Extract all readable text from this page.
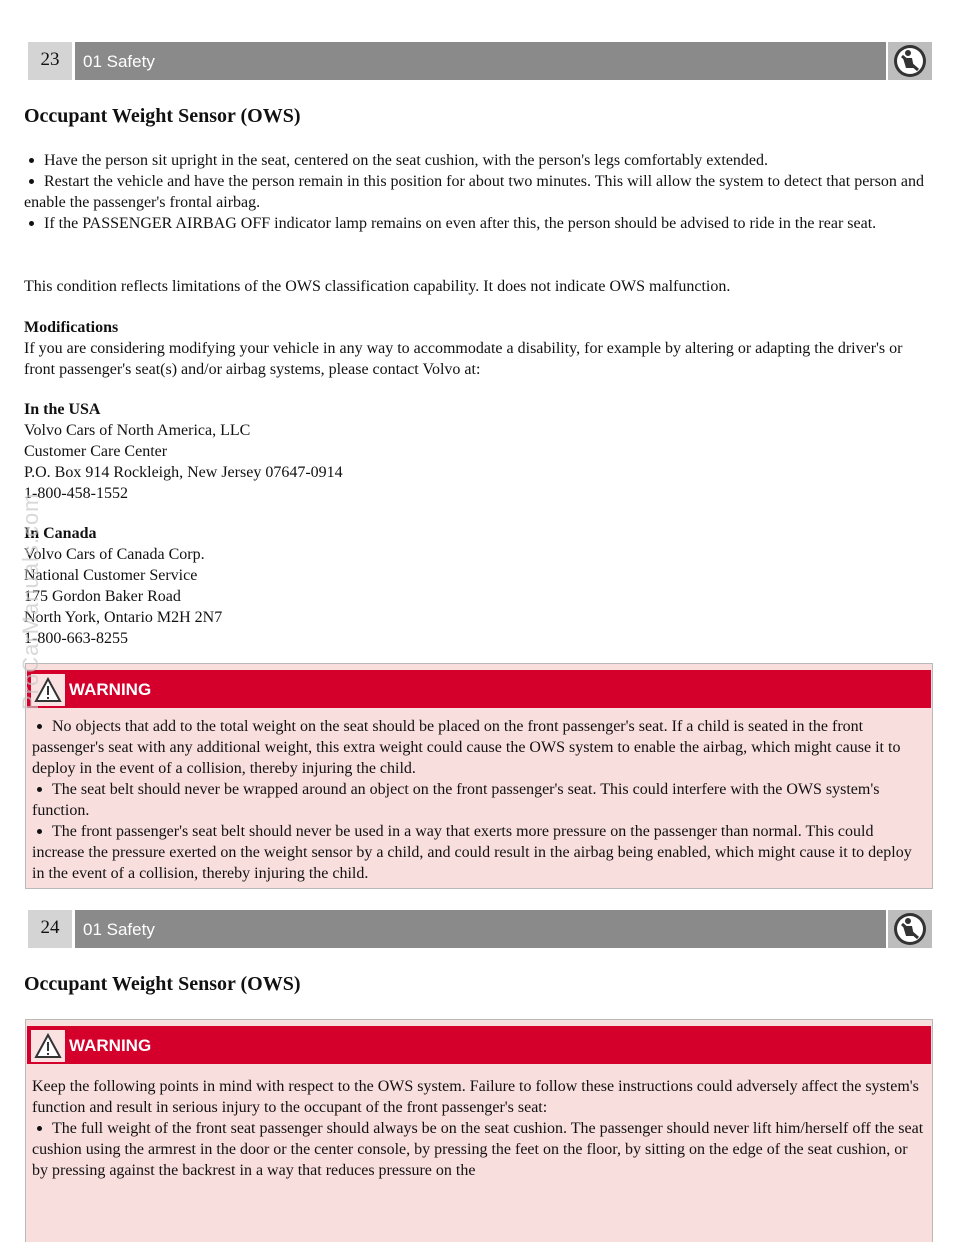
23	01 Safety
Occupant Weight Sensor (OWS)
Have the person sit upright in the seat, centered on the seat cushion, with the person's legs comfortably extended.
Restart the vehicle and have the person remain in this position for about two minutes. This will allow the system to detect that person and enable the passenger's frontal airbag.
If the PASSENGER AIRBAG OFF indicator lamp remains on even after this, the person should be advised to ride in the rear seat.

This condition reflects limitations of the OWS classification capability. It does not indicate OWS malfunction.

Modifications

If you are considering modifying your vehicle in any way to accommodate a disability, for example by altering or adapting the driver's or front passenger's seat(s) and/or airbag systems, please contact Volvo at:

In the USA

Volvo Cars of North America, LLC

Customer Care Center

P.O. Box 914 Rockleigh, New Jersey 07647-0914

1-800-458-1552

In Canada

Volvo Cars of Canada Corp.

National Customer Service

175 Gordon Baker Road

North York, Ontario M2H 2N7

1-800-663-8255

WARNING
No objects that add to the total weight on the seat should be placed on the front passenger's seat. If a child is seated in the front passenger's seat with any additional weight, this extra weight could cause the OWS system to enable the airbag, which might cause it to deploy in the event of a collision, thereby injuring the child.
The seat belt should never be wrapped around an object on the front passenger's seat. This could interfere with the OWS system's function.
The front passenger's seat belt should never be used in a way that exerts more pressure on the passenger than normal. This could increase the pressure exerted on the weight sensor by a child, and could result in the airbag being enabled, which might cause it to deploy in the event of a collision, thereby injuring the child.
24	01 Safety
Occupant Weight Sensor (OWS)
WARNING

Keep the following points in mind with respect to the OWS system. Failure to follow these instructions could adversely affect the system's function and result in serious injury to the occupant of the front passenger's seat:

The full weight of the front seat passenger should always be on the seat cushion. The passenger should never lift him/herself off the seat cushion using the armrest in the door or the center console, by pressing the feet on the floor, by sitting on the edge of the seat cushion, or by pressing against the backrest in a way that reduces pressure on the
ProCarManuals.com
